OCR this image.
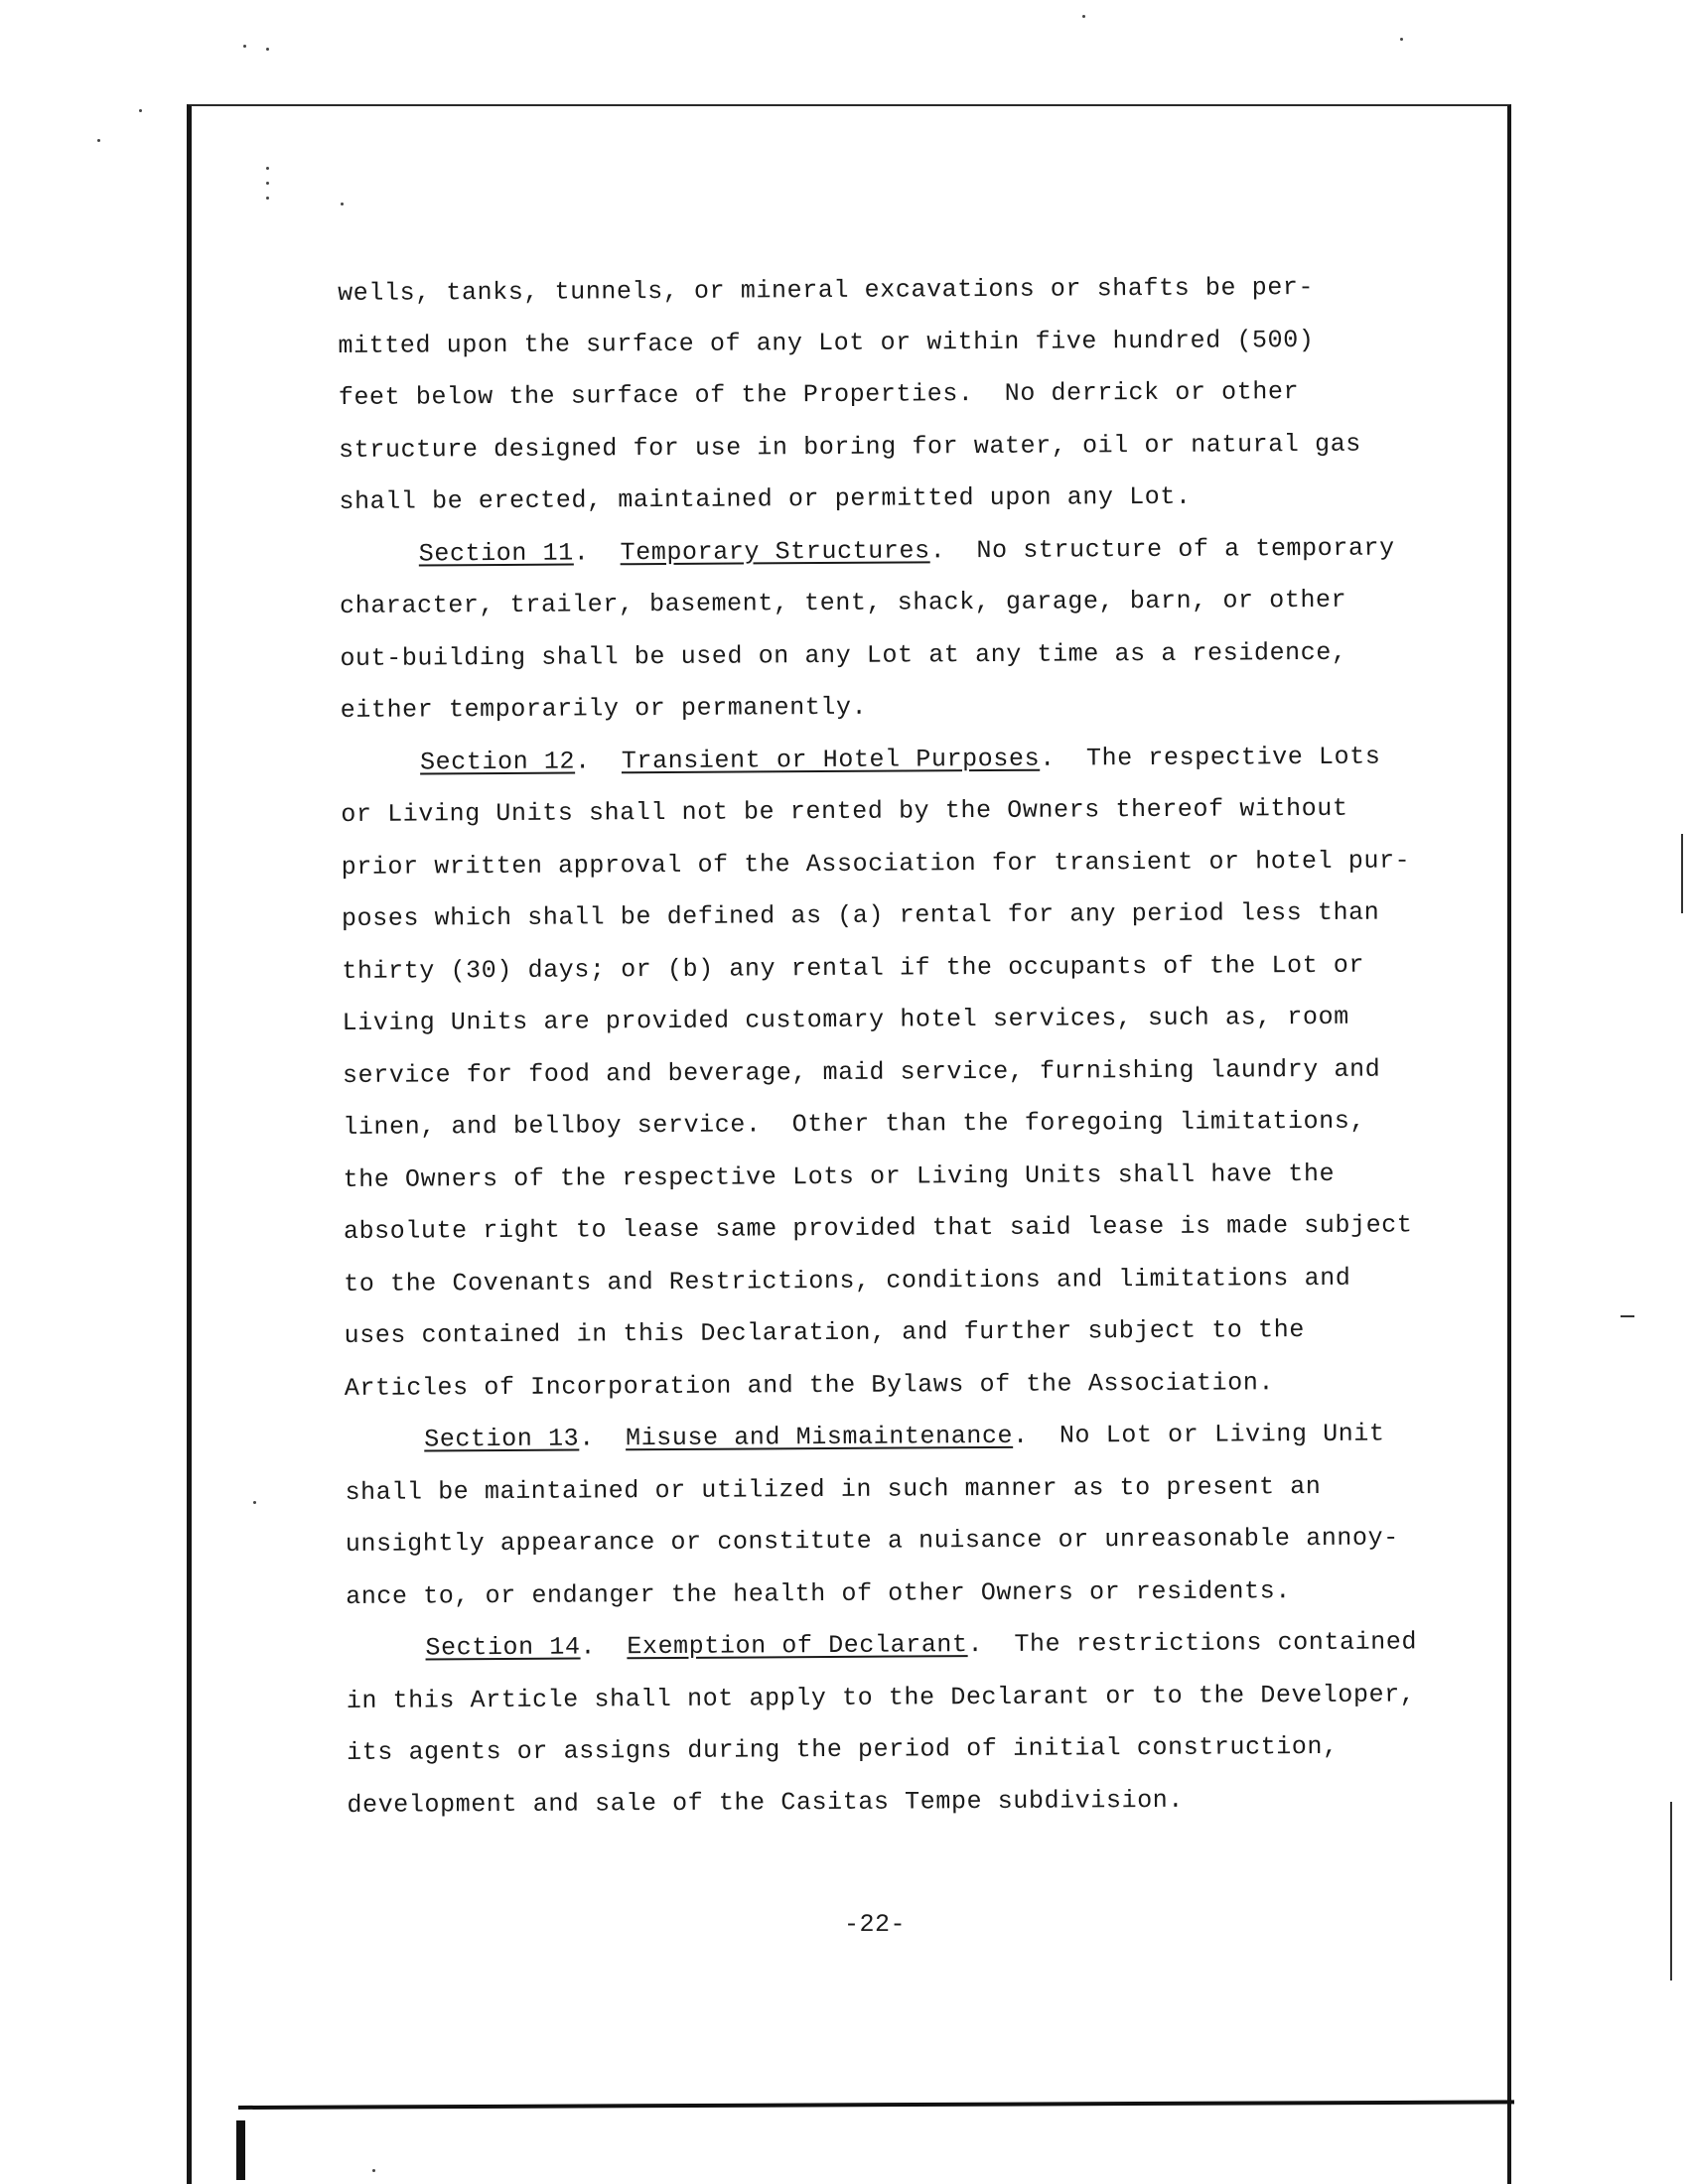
wells, tanks, tunnels, or mineral excavations or shafts be per-
mitted upon the surface of any Lot or within five hundred (500)
feet below the surface of the Properties.  No derrick or other
structure designed for use in boring for water, oil or natural gas
shall be erected, maintained or permitted upon any Lot.
Section 11.  Temporary Structures.  No structure of a temporary
character, trailer, basement, tent, shack, garage, barn, or other
out-building shall be used on any Lot at any time as a residence,
either temporarily or permanently.
Section 12.  Transient or Hotel Purposes.  The respective Lots
or Living Units shall not be rented by the Owners thereof without
prior written approval of the Association for transient or hotel pur-
poses which shall be defined as (a) rental for any period less than
thirty (30) days; or (b) any rental if the occupants of the Lot or
Living Units are provided customary hotel services, such as, room
service for food and beverage, maid service, furnishing laundry and
linen, and bellboy service.  Other than the foregoing limitations,
the Owners of the respective Lots or Living Units shall have the
absolute right to lease same provided that said lease is made subject
to the Covenants and Restrictions, conditions and limitations and
uses contained in this Declaration, and further subject to the
Articles of Incorporation and the Bylaws of the Association.
Section 13.  Misuse and Mismaintenance.  No Lot or Living Unit
shall be maintained or utilized in such manner as to present an
unsightly appearance or constitute a nuisance or unreasonable annoy-
ance to, or endanger the health of other Owners or residents.
Section 14.  Exemption of Declarant.  The restrictions contained
in this Article shall not apply to the Declarant or to the Developer,
its agents or assigns during the period of initial construction,
development and sale of the Casitas Tempe subdivision.
-22-
